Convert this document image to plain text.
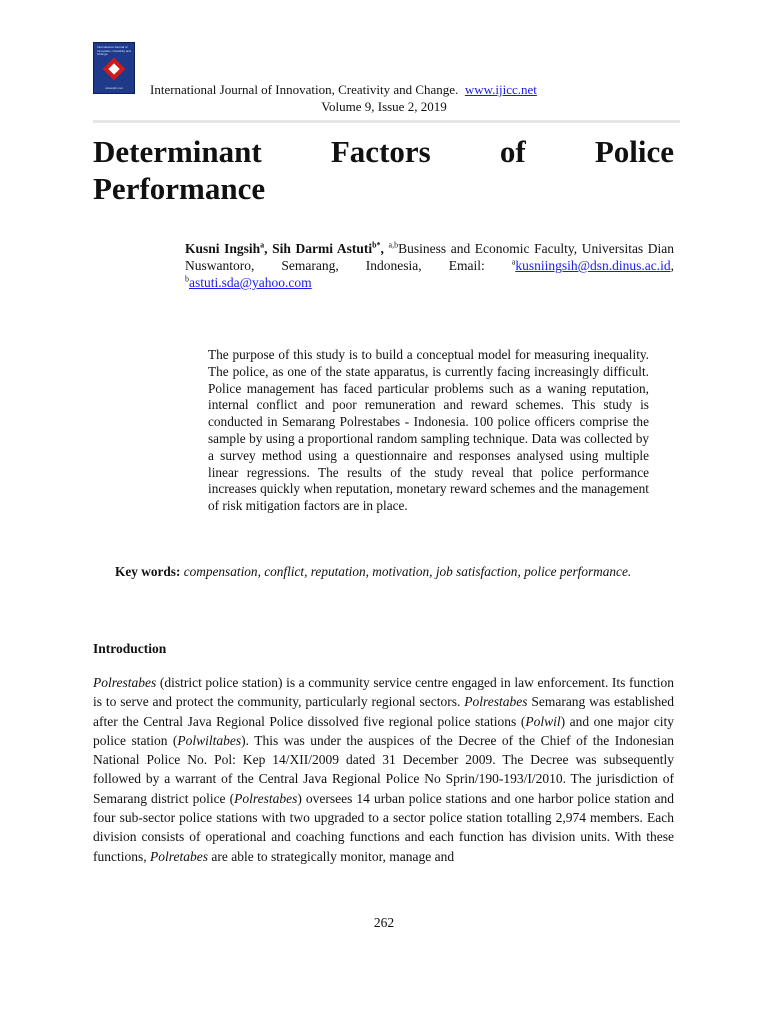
International Journal of Innovation, Creativity and Change
www.ijicc.net	International Journal of Innovation, Creativity and Change. www.ijicc.net
Volume 9, Issue 2, 2019
Determinant Factors of Police
Performance
Kusni Ingsih$^a$, Sih Darmi Astuti$^{b*}$, $^{a,b}$Business and Economic Faculty, Universitas Dian Nuswantoro, Semarang, Indonesia, Email: $^a$kusniingsih@dsn.dinus.ac.id, $^b$astuti.sda@yahoo.com

The purpose of this study is to build a conceptual model for measuring inequality. The police, as one of the state apparatus, is currently facing increasingly difficult. Police management has faced particular problems such as a waning reputation, internal conflict and poor remuneration and reward schemes. This study is conducted in Semarang Polrestabes - Indonesia. 100 police officers comprise the sample by using a proportional random sampling technique. Data was collected by a survey method using a questionnaire and responses analysed using multiple linear regressions. The results of the study reveal that police performance increases quickly when reputation, monetary reward schemes and the management of risk mitigation factors are in place.

Key words: compensation, conflict, reputation, motivation, job satisfaction, police performance.

Introduction

Polrestabes (district police station) is a community service centre engaged in law enforcement. Its function is to serve and protect the community, particularly regional sectors. Polrestabes Semarang was established after the Central Java Regional Police dissolved five regional police stations (Polwil) and one major city police station (Polwiltabes). This was under the auspices of the Decree of the Chief of the Indonesian National Police No. Pol: Kep 14/XII/2009 dated 31 December 2009. The Decree was subsequently followed by a warrant of the Central Java Regional Police No Sprin/190-193/I/2010. The jurisdiction of Semarang district police (Polrestabes) oversees 14 urban police stations and one harbor police station and four sub-sector police stations with two upgraded to a sector police station totalling 2,974 members. Each division consists of operational and coaching functions and each function has division units. With these functions, Polretabes are able to strategically monitor, manage and

262
